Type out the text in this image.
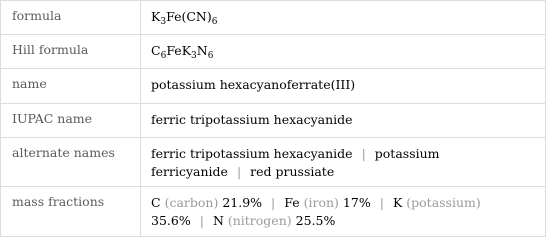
formula	$K_3Fe(CN)_6$

Hill formula	$C_6FeK_3N_6$

name	potassium hexacyanoferrate(III)

IUPAC name	ferric tripotassium hexacyanide

alternate names	ferric tripotassium hexacyanide | potassium ferricyanide | red prussiate

mass fractions	C (carbon) 21.9% | Fe (iron) 17% | K (potassium) 35.6% | N (nitrogen) 25.5%
